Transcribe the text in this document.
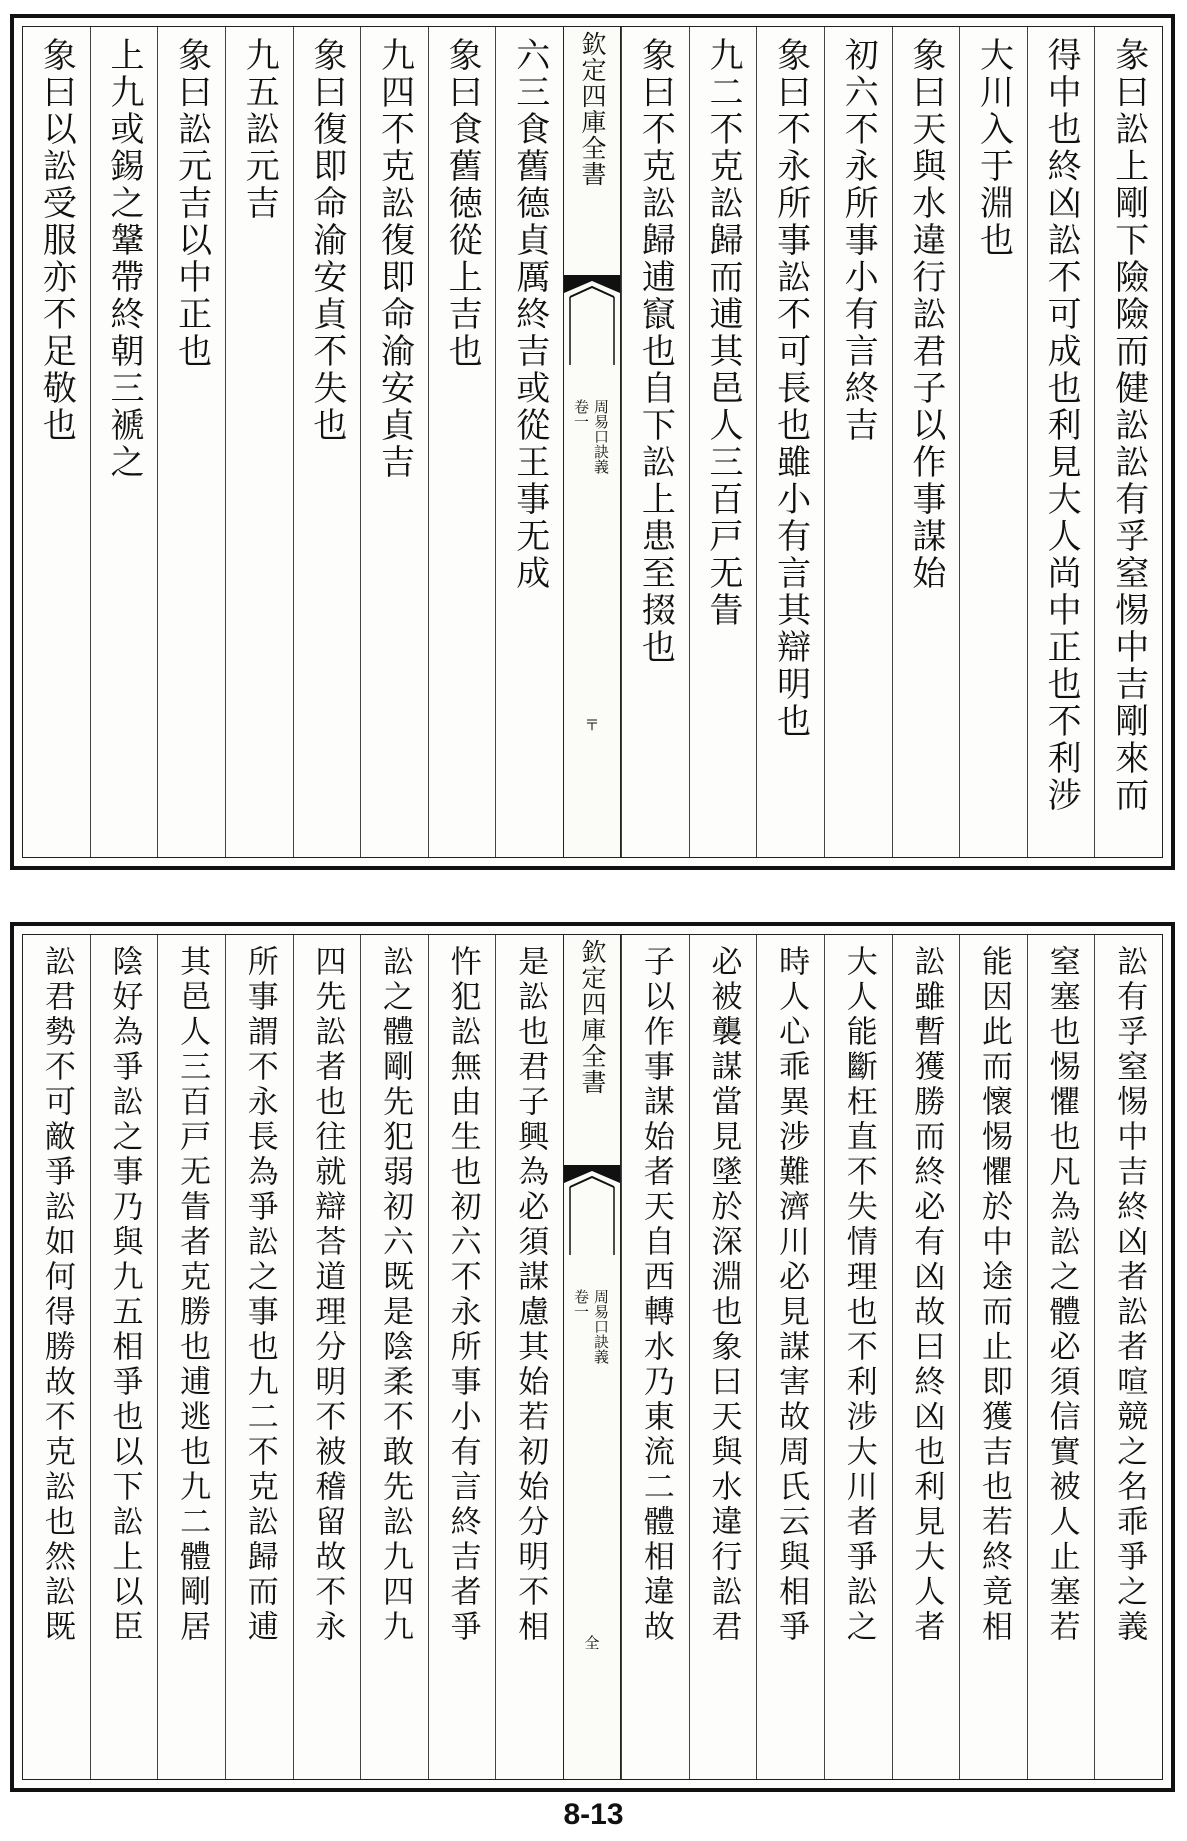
彖曰訟上剛下險險而健訟訟有孚窒惕中吉剛來而
得中也終凶訟不可成也利見大人尚中正也不利涉
大川入于淵也
象曰天與水違行訟君子以作事謀始
初六不永所事小有言終吉
象曰不永所事訟不可長也雖小有言其辯明也
九二不克訟歸而逋其邑人三百戸无眚
象曰不克訟歸逋竄也自下訟上患至掇也
欽定四庫全書
周易口訣義
卷一
〒
六三食舊德貞厲終吉或從王事无成
象曰食舊徳從上吉也
九四不克訟復即命渝安貞吉
象曰復即命渝安貞不失也
九五訟元吉
象曰訟元吉以中正也
上九或錫之鞶帶終朝三褫之
象曰以訟受服亦不足敬也
訟有孚窒惕中吉終凶者訟者喧競之名乖爭之義
窒塞也惕懼也凡為訟之體必須信實被人止塞若
能因此而懷惕懼於中途而止即獲吉也若終竟相
訟雖暫獲勝而終必有凶故曰終凶也利見大人者
大人能斷枉直不失情理也不利涉大川者爭訟之
時人心乖異涉難濟川必見謀害故周氏云與相爭
必被襲謀當見墜於深淵也象曰天與水違行訟君
子以作事謀始者天自西轉水乃東流二體相違故
欽定四庫全書
周易口訣義
卷一
全
是訟也君子興為必須謀慮其始若初始分明不相
忤犯訟無由生也初六不永所事小有言終吉者爭
訟之體剛先犯弱初六既是陰柔不敢先訟九四九
四先訟者也往就辯荅道理分明不被稽留故不永
所事謂不永長為爭訟之事也九二不克訟歸而逋
其邑人三百戸无眚者克勝也逋逃也九二體剛居
陰好為爭訟之事乃與九五相爭也以下訟上以臣
訟君勢不可敵爭訟如何得勝故不克訟也然訟既
8-13
